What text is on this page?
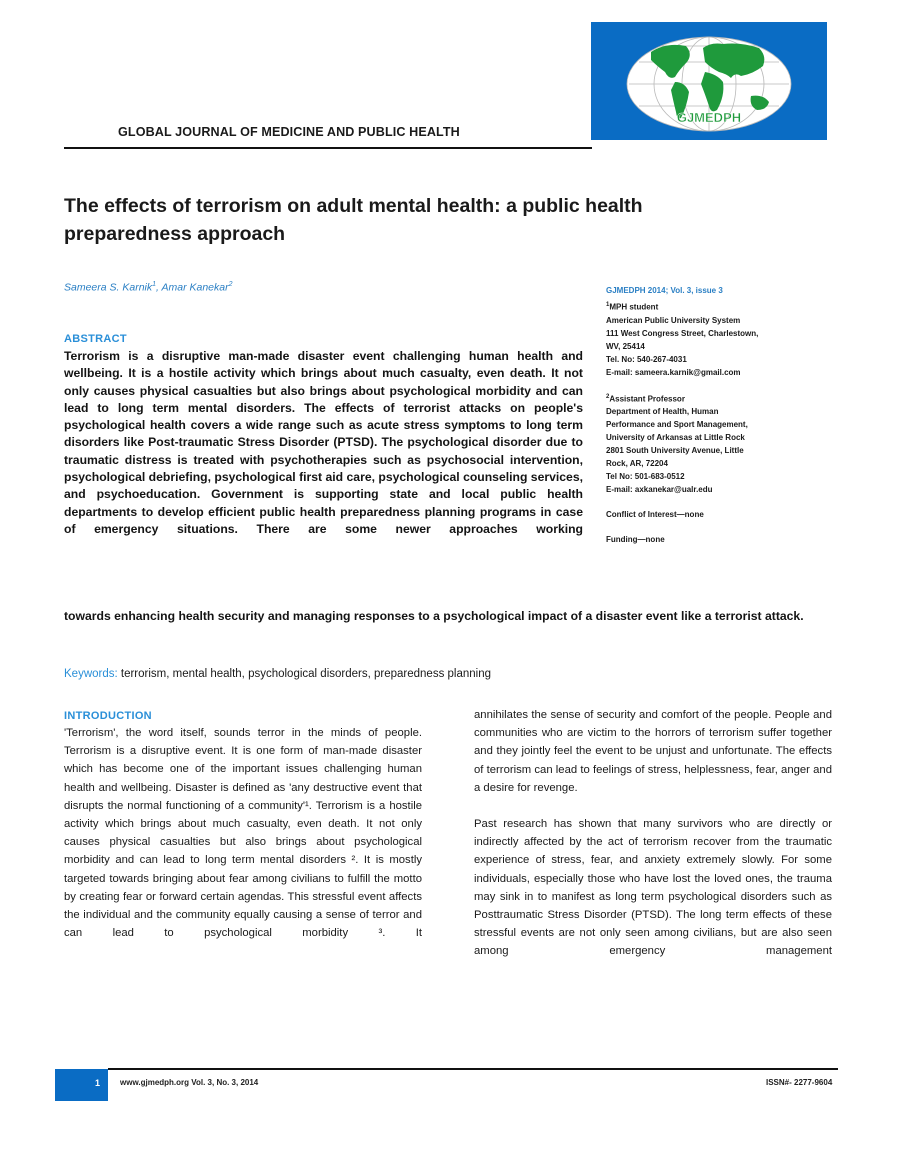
GJMEDPH
GLOBAL JOURNAL OF MEDICINE AND PUBLIC HEALTH
The effects of terrorism on adult mental health: a public health preparedness approach
Sameera S. Karnik$^1$, Amar Kanekar$^2$
GJMEDPH 2014; Vol. 3, issue 3
$^1$MPH student
American Public University System
111 West Congress Street, Charlestown,
WV, 25414
Tel. No: 540-267-4031
E-mail: sameera.karnik@gmail.com
$^2$Assistant Professor
Department of Health, Human
Performance and Sport Management,
University of Arkansas at Little Rock
2801 South University Avenue, Little
Rock, AR, 72204
Tel No: 501-683-0512
E-mail: axkanekar@ualr.edu
Conflict of Interest—none
Funding—none
ABSTRACT
Terrorism is a disruptive man-made disaster event challenging human health and wellbeing. It is a hostile activity which brings about much casualty, even death. It not only causes physical casualties but also brings about psychological morbidity and can lead to long term mental disorders. The effects of terrorist attacks on people's psychological health covers a wide range such as acute stress symptoms to long term disorders like Post-traumatic Stress Disorder (PTSD). The psychological disorder due to traumatic distress is treated with psychotherapies such as psychosocial intervention, psychological debriefing, psychological first aid care, psychological counseling services, and psychoeducation. Government is supporting state and local public health departments to develop efficient public health preparedness planning programs in case of emergency situations. There are some newer approaches working
towards enhancing health security and managing responses to a psychological impact of a disaster event like a terrorist attack.
Keywords: terrorism, mental health, psychological disorders, preparedness planning
INTRODUCTION

'Terrorism', the word itself, sounds terror in the minds of people. Terrorism is a disruptive event. It is one form of man-made disaster which has become one of the important issues challenging human health and wellbeing. Disaster is defined as 'any destructive event that disrupts the normal functioning of a community'¹. Terrorism is a hostile activity which brings about much casualty, even death. It not only causes physical casualties but also brings about psychological morbidity and can lead to long term mental disorders ². It is mostly targeted towards bringing about fear among civilians to fulfill the motto by creating fear or forward certain agendas. This stressful event affects the individual and the community equally causing a sense of terror and can lead to psychological morbidity ³. It

annihilates the sense of security and comfort of the people. People and communities who are victim to the horrors of terrorism suffer together and they jointly feel the event to be unjust and unfortunate. The effects of terrorism can lead to feelings of stress, helplessness, fear, anger and a desire for revenge.

Past research has shown that many survivors who are directly or indirectly affected by the act of terrorism recover from the traumatic experience of stress, fear, and anxiety extremely slowly. For some individuals, especially those who have lost the loved ones, the trauma may sink in to manifest as long term psychological disorders such as Posttraumatic Stress Disorder (PTSD). The long term effects of these stressful events are not only seen among civilians, but are also seen among emergency management

1	www.gjmedph.org Vol. 3, No. 3, 2014	ISSN#- 2277-9604
